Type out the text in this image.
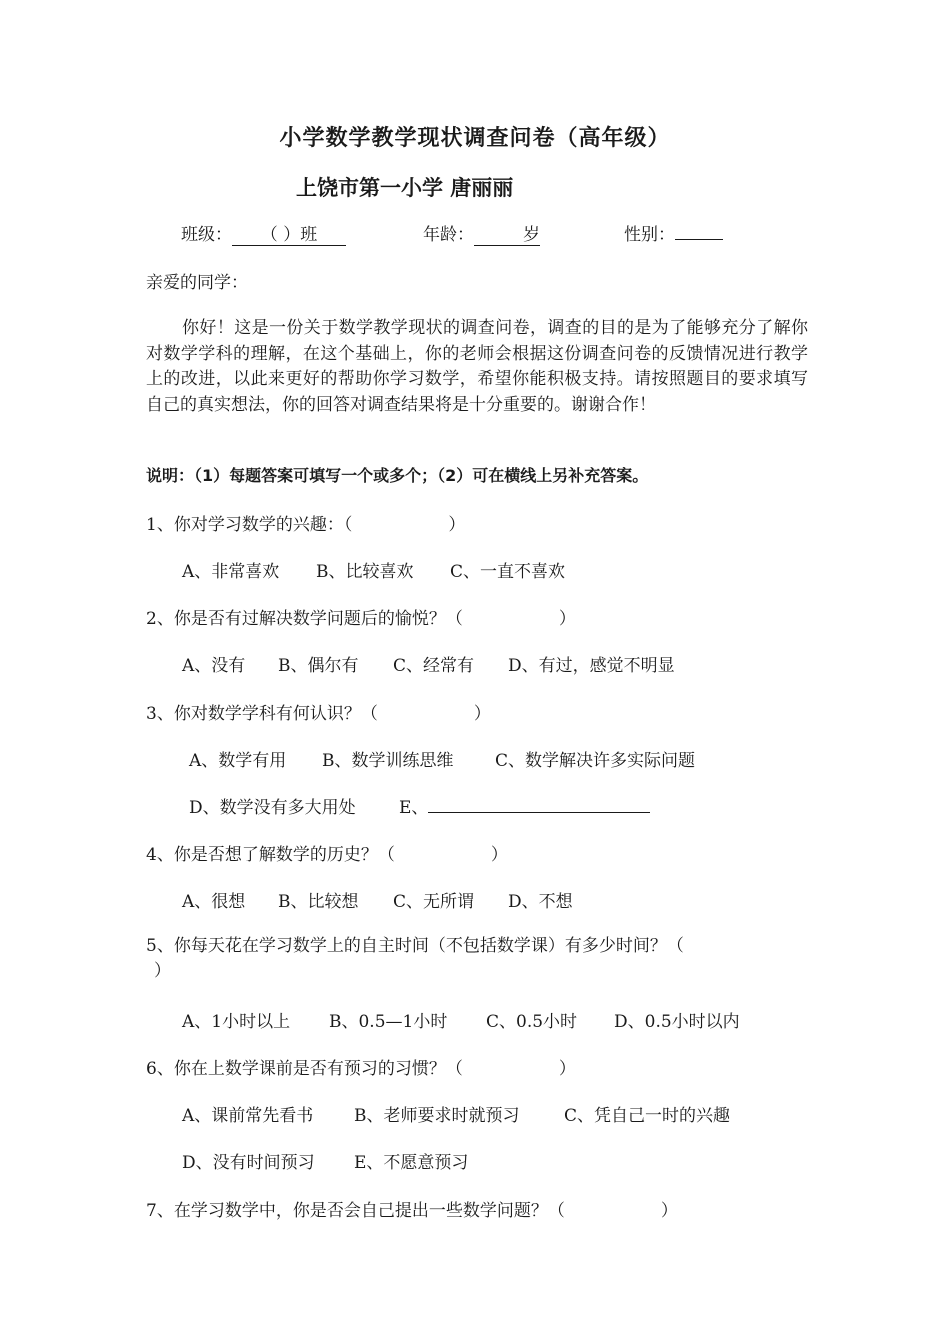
小学数学教学现状调查问卷（高年级）
上饶市第一小学 唐丽丽
班级： （ ）班	年龄：	岁	性别：
亲爱的同学：
你好！这是一份关于数学教学现状的调查问卷，调查的目的是为了能够充分了解你对数学学科的理解，在这个基础上，你的老师会根据这份调查问卷的反馈情况进行教学上的改进，以此来更好的帮助你学习数学，希望你能积极支持。请按照题目的要求填写自己的真实想法，你的回答对调查结果将是十分重要的。谢谢合作！
说明：（1）每题答案可填写一个或多个；（2）可在横线上另补充答案。
1、你对学习数学的兴趣：（	）
A、非常喜欢 B、比较喜欢 C、一直不喜欢
2、你是否有过解决数学问题后的愉悦？（	）
A、没有 B、偶尔有 C、经常有 D、有过，感觉不明显
3、你对数学学科有何认识？（	）
A、数学有用 B、数学训练思维 C、数学解决许多实际问题
D、数学没有多大用处	E、
4、你是否想了解数学的历史？（	）
A、很想 B、比较想 C、无所谓 D、不想
5、你每天花在学习数学上的自主时间（不包括数学课）有多少时间？（
）
A、1小时以上 B、0.5—1小时 C、0.5小时 D、0.5小时以内
6、你在上数学课前是否有预习的习惯？（	）
A、课前常先看书 B、老师要求时就预习	C、凭自己一时的兴趣
D、没有时间预习 E、不愿意预习
7、在学习数学中，你是否会自己提出一些数学问题？（	）
